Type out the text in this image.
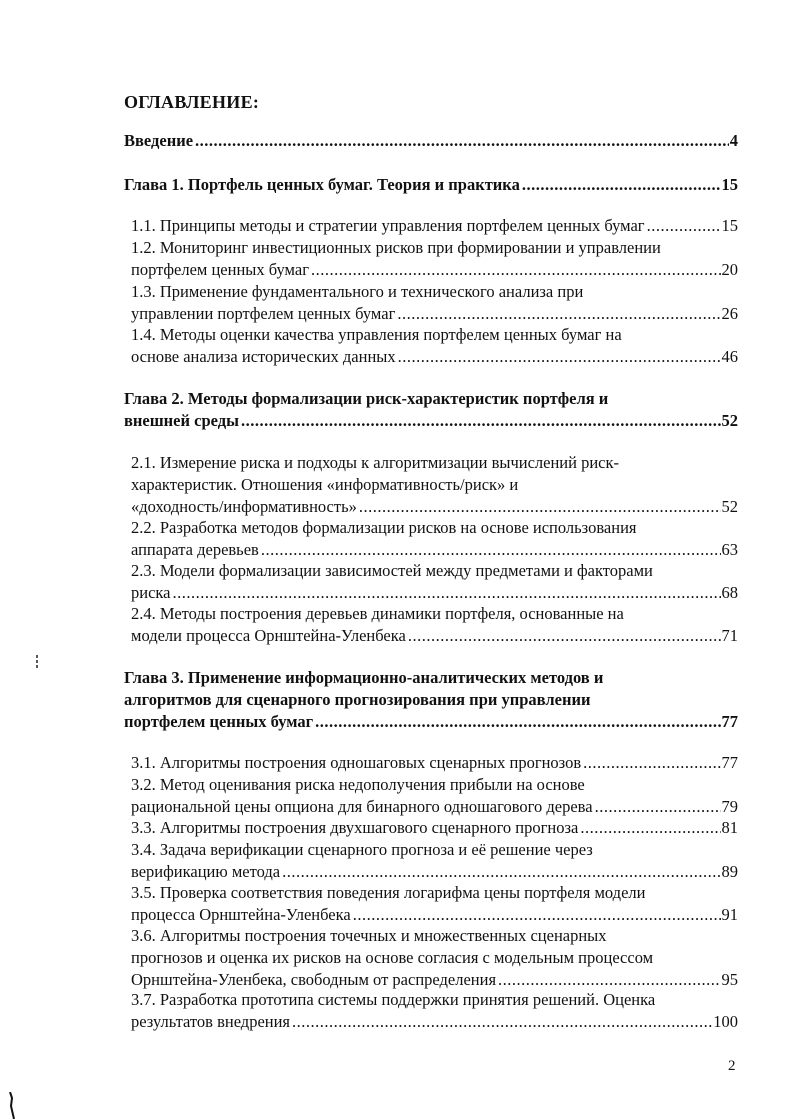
ОГЛАВЛЕНИЕ:
Введение .....	4
Глава 1. Портфель ценных бумаг. Теория и практика .....	15
1.1. Принципы методы и стратегии управления портфелем ценных бумаг .....	15
1.2. Мониторинг инвестиционных рисков при формировании и управлении
портфелем ценных бумаг .....	20
1.3. Применение фундаментального и технического анализа при
управлении портфелем ценных бумаг .....	26
1.4. Методы оценки качества управления портфелем ценных бумаг на
основе анализа исторических данных .....	46
Глава 2. Методы формализации риск-характеристик портфеля и
внешней среды .....	52
2.1. Измерение риска и подходы к алгоритмизации вычислений риск-
характеристик. Отношения «информативность/риск» и
«доходность/информативность» .....	52
2.2. Разработка методов формализации рисков на основе использования
аппарата деревьев .....	63
2.3. Модели формализации зависимостей между предметами и факторами
риска .....	68
2.4. Методы построения деревьев динамики портфеля, основанные на
модели процесса Орнштейна-Уленбека .....	71
Глава 3. Применение информационно-аналитических методов и
алгоритмов для сценарного прогнозирования при управлении
портфелем ценных бумаг .....	77
3.1. Алгоритмы построения одношаговых сценарных прогнозов .....	77
3.2. Метод оценивания риска недополучения прибыли на основе
рациональной цены опциона для бинарного одношагового дерева .....	79
3.3. Алгоритмы построения двухшагового сценарного прогноза .....	81
3.4. Задача верификации сценарного прогноза и её решение через
верификацию метода .....	89
3.5. Проверка соответствия поведения логарифма цены портфеля модели
процесса Орнштейна-Уленбека .....	91
3.6. Алгоритмы построения точечных и множественных сценарных
прогнозов и оценка их рисков на основе согласия с модельным процессом
Орнштейна-Уленбека, свободным от распределения .....	95
3.7. Разработка прототипа системы поддержки принятия решений. Оценка
результатов внедрения .....	100
2
